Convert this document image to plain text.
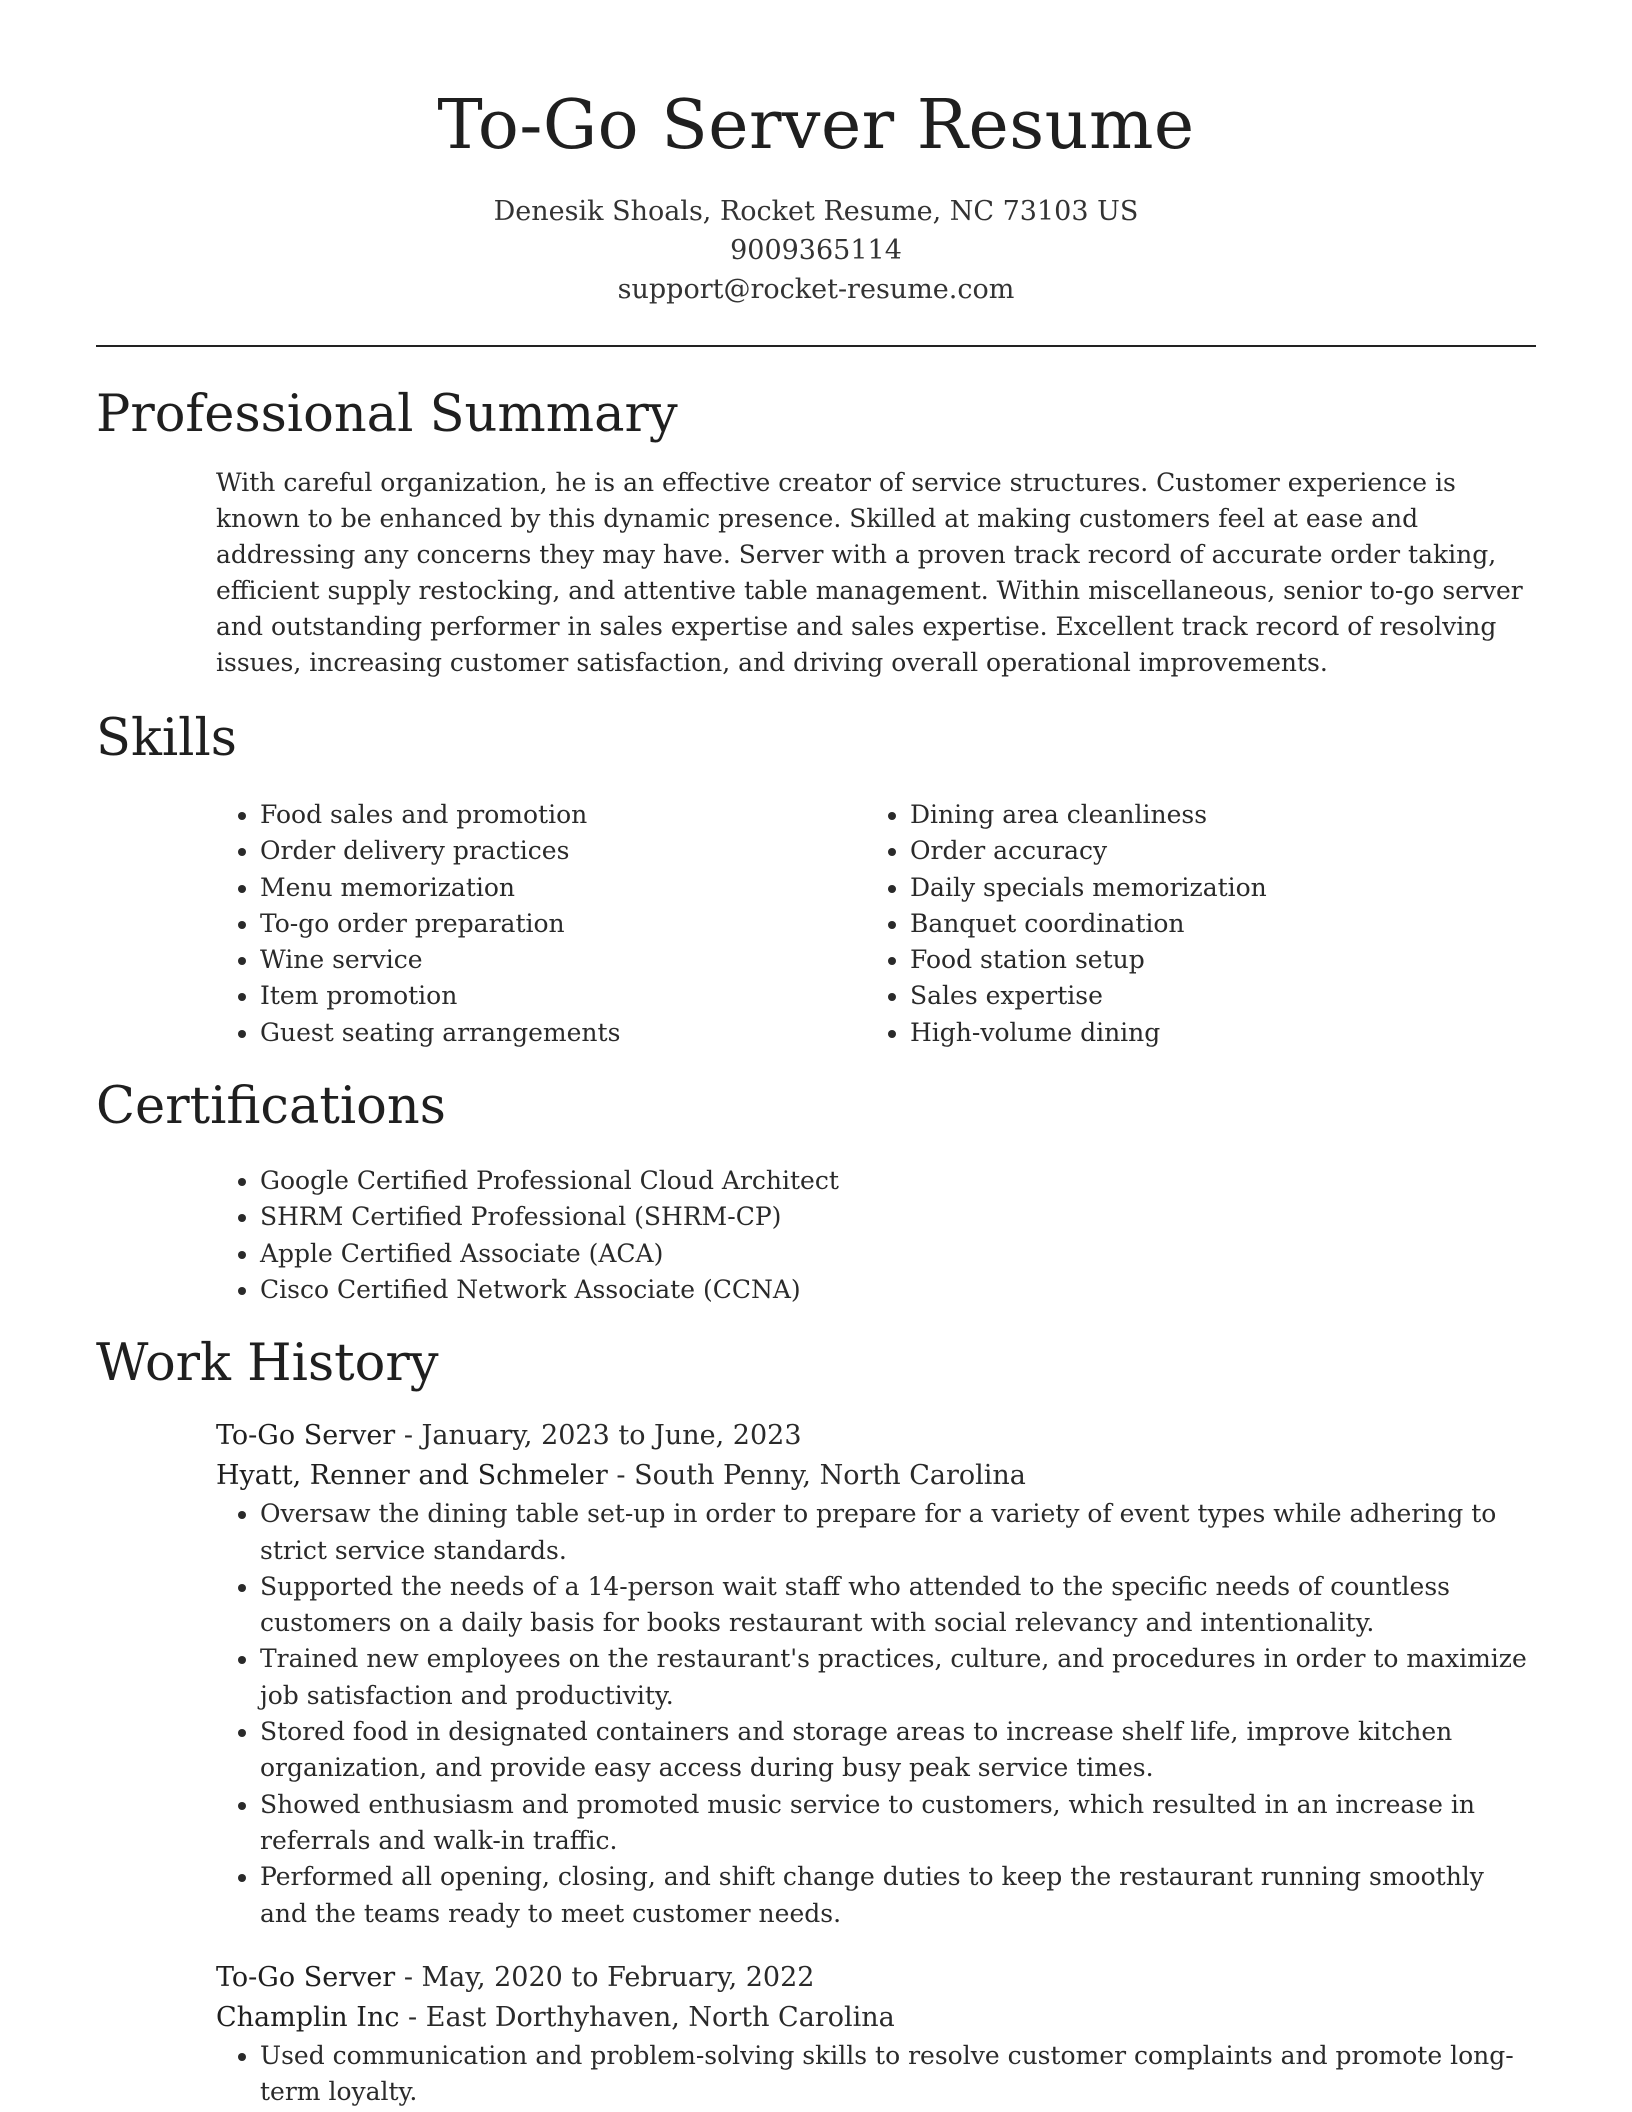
To-Go Server Resume
Denesik Shoals, Rocket Resume, NC 73103 US
9009365114
support@rocket-resume.com
Professional Summary

With careful organization, he is an effective creator of service structures. Customer experience is known to be enhanced by this dynamic presence. Skilled at making customers feel at ease and addressing any concerns they may have. Server with a proven track record of accurate order taking, efficient supply restocking, and attentive table management. Within miscellaneous, senior to-go server and outstanding performer in sales expertise and sales expertise. Excellent track record of resolving issues, increasing customer satisfaction, and driving overall operational improvements.

Skills
• Food sales and promotion
• Order delivery practices
• Menu memorization
• To-go order preparation
• Wine service
• Item promotion
• Guest seating arrangements
• Dining area cleanliness
• Order accuracy
• Daily specials memorization
• Banquet coordination
• Food station setup
• Sales expertise
• High-volume dining
Certifications
• Google Certified Professional Cloud Architect
• SHRM Certified Professional (SHRM-CP)
• Apple Certified Associate (ACA)
• Cisco Certified Network Associate (CCNA)
Work History
To-Go Server - January, 2023 to June, 2023
Hyatt, Renner and Schmeler - South Penny, North Carolina
• Oversaw the dining table set-up in order to prepare for a variety of event types while adhering to strict service standards.
• Supported the needs of a 14-person wait staff who attended to the specific needs of countless customers on a daily basis for books restaurant with social relevancy and intentionality.
• Trained new employees on the restaurant's practices, culture, and procedures in order to maximize job satisfaction and productivity.
• Stored food in designated containers and storage areas to increase shelf life, improve kitchen organization, and provide easy access during busy peak service times.
• Showed enthusiasm and promoted music service to customers, which resulted in an increase in referrals and walk-in traffic.
• Performed all opening, closing, and shift change duties to keep the restaurant running smoothly and the teams ready to meet customer needs.
To-Go Server - May, 2020 to February, 2022
Champlin Inc - East Dorthyhaven, North Carolina
• Used communication and problem-solving skills to resolve customer complaints and promote long-term loyalty.
